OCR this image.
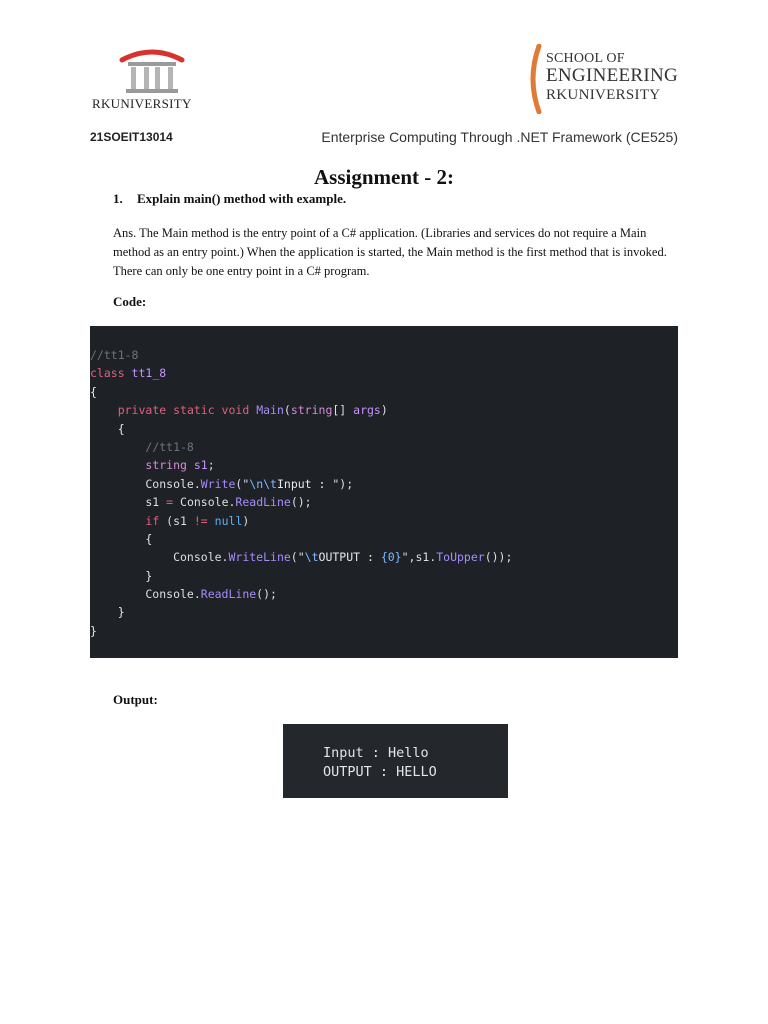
RKUNIVERSITY
SCHOOL OF
ENGINEERING
RKUNIVERSITY
21SOEIT13014	Enterprise Computing Through .NET Framework (CE525)
Assignment - 2:
1. Explain main() method with example.
Ans. The Main method is the entry point of a C# application. (Libraries and services do not require a Main method as an entry point.) When the application is started, the Main method is the first method that is invoked. There can only be one entry point in a C# program.
Code:
//tt1-8
class tt1_8
{
private static void Main(string[] args)
{
//tt1-8
string s1;
Console.Write("\n\tInput : ");
s1 = Console.ReadLine();
if (s1 != null)
{
Console.WriteLine("\tOUTPUT : {0}",s1.ToUpper());
}
Console.ReadLine();
}
}
Output:
Input : Hello
OUTPUT : HELLO
